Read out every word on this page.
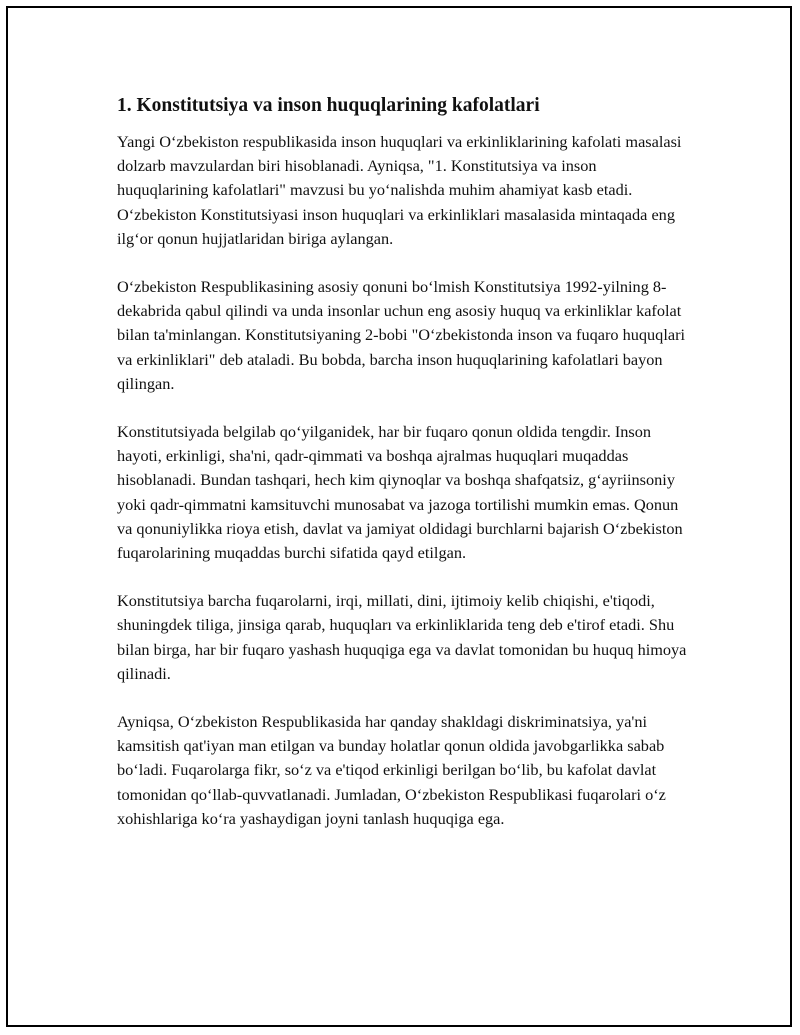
1. Konstitutsiya va inson huquqlarining kafolatlari

Yangi O‘zbekiston respublikasida inson huquqlari va erkinliklarining kafolati masalasi dolzarb mavzulardan biri hisoblanadi. Ayniqsa, "1. Konstitutsiya va inson huquqlarining kafolatlari" mavzusi bu yo‘nalishda muhim ahamiyat kasb etadi. O‘zbekiston Konstitutsiyasi inson huquqlari va erkinliklari masalasida mintaqada eng ilg‘or qonun hujjatlaridan biriga aylangan.

O‘zbekiston Respublikasining asosiy qonuni bo‘lmish Konstitutsiya 1992-yilning 8-dekabrida qabul qilindi va unda insonlar uchun eng asosiy huquq va erkinliklar kafolat bilan ta'minlangan. Konstitutsiyaning 2-bobi "O‘zbekistonda inson va fuqaro huquqlari va erkinliklari" deb ataladi. Bu bobda, barcha inson huquqlarining kafolatlari bayon qilingan.

Konstitutsiyada belgilab qo‘yilganidek, har bir fuqaro qonun oldida tengdir. Inson hayoti, erkinligi, sha'ni, qadr-qimmati va boshqa ajralmas huquqlari muqaddas hisoblanadi. Bundan tashqari, hech kim qiynoqlar va boshqa shafqatsiz, g‘ayriinsoniy yoki qadr-qimmatni kamsituvchi munosabat va jazoga tortilishi mumkin emas. Qonun va qonuniylikka rioya etish, davlat va jamiyat oldidagi burchlarni bajarish O‘zbekiston fuqarolarining muqaddas burchi sifatida qayd etilgan.

Konstitutsiya barcha fuqarolarni, irqi, millati, dini, ijtimoiy kelib chiqishi, e'tiqodi, shuningdek tiliga, jinsiga qarab, huquqları va erkinliklarida teng deb e'tirof etadi. Shu bilan birga, har bir fuqaro yashash huquqiga ega va davlat tomonidan bu huquq himoya qilinadi.

Ayniqsa, O‘zbekiston Respublikasida har qanday shakldagi diskriminatsiya, ya'ni kamsitish qat'iyan man etilgan va bunday holatlar qonun oldida javobgarlikka sabab bo‘ladi. Fuqarolarga fikr, so‘z va e'tiqod erkinligi berilgan bo‘lib, bu kafolat davlat tomonidan qo‘llab-quvvatlanadi. Jumladan, O‘zbekiston Respublikasi fuqarolari o‘z xohishlariga ko‘ra yashaydigan joyni tanlash huquqiga ega.
